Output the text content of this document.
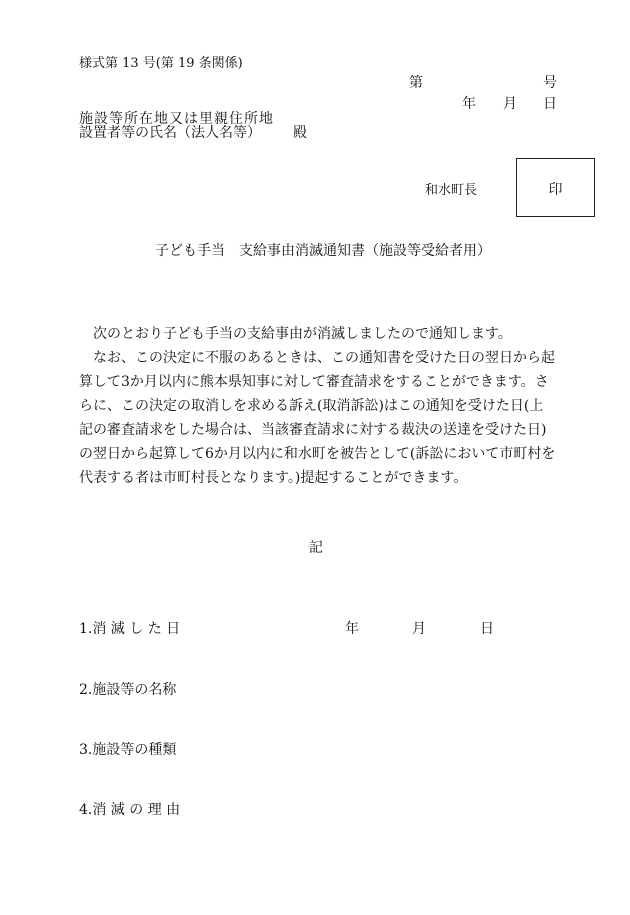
様式第 13 号(第 19 条関係)
第	号
年 月 日
施設等所在地又は里親住所地
設置者等の氏名（法人名等） 殿
和水町長	印
子ども手当　支給事由消滅通知書（施設等受給者用）

次のとおり子ども手当の支給事由が消滅しましたので通知します。

なお、この決定に不服のあるときは、この通知書を受けた日の翌日から起算して3か月以内に熊本県知事に対して審査請求をすることができます。さらに、この決定の取消しを求める訴え(取消訴訟)はこの通知を受けた日(上記の審査請求をした場合は、当該審査請求に対する裁決の送達を受けた日)の翌日から起算して6か月以内に和水町を被告として(訴訟において市町村を代表する者は市町村長となります。)提起することができます。

記
1.消 滅 し た 日	年	月	日
2.施設等の名称
3.施設等の種類
4.消 滅 の 理 由
